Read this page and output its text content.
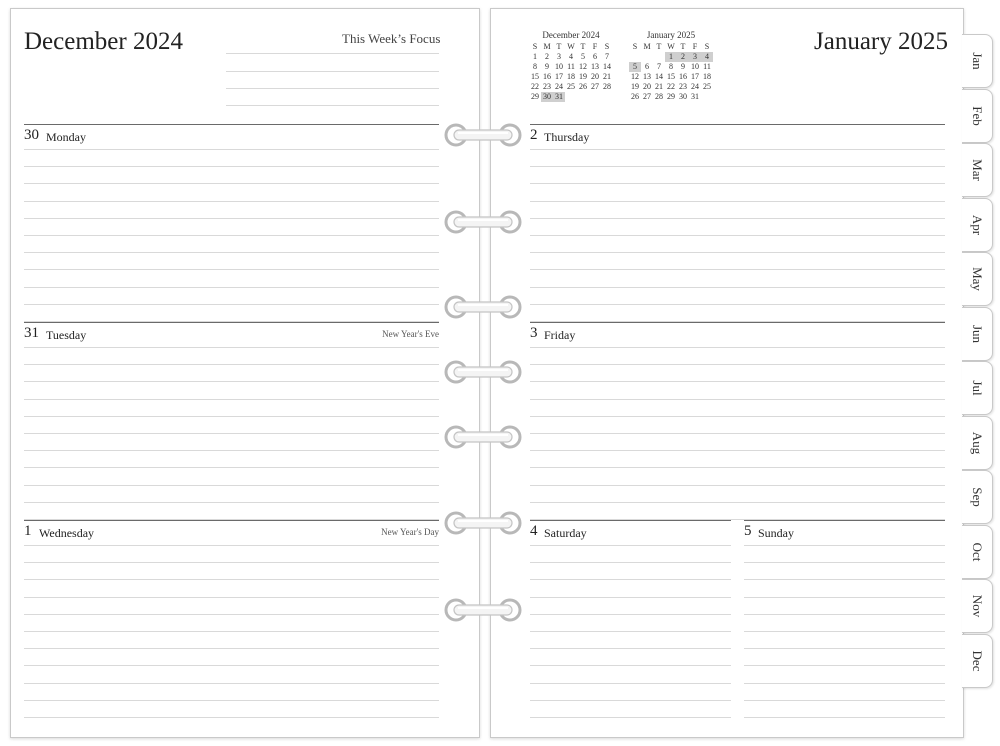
December 2024	This Week’s Focus	January 2025
December 2024
S	M	T	W	T	F	S
1	2	3	4	5	6	7
8	9	10	11	12	13	14
15	16	17	18	19	20	21
22	23	24	25	26	27	28
29	30	31				
January 2025
S	M	T	W	T	F	S
			1	2	3	4
5	6	7	8	9	10	11
12	13	14	15	16	17	18
19	20	21	22	23	24	25
26	27	28	29	30	31	
30 Monday
31 Tuesday	New Year's Eve
1 Wednesday	New Year's Day
2 Thursday
3 Friday
4 Saturday	5 Sunday
Jan
Feb
Mar
Apr
May
Jun
Jul
Aug
Sep
Oct
Nov
Dec
